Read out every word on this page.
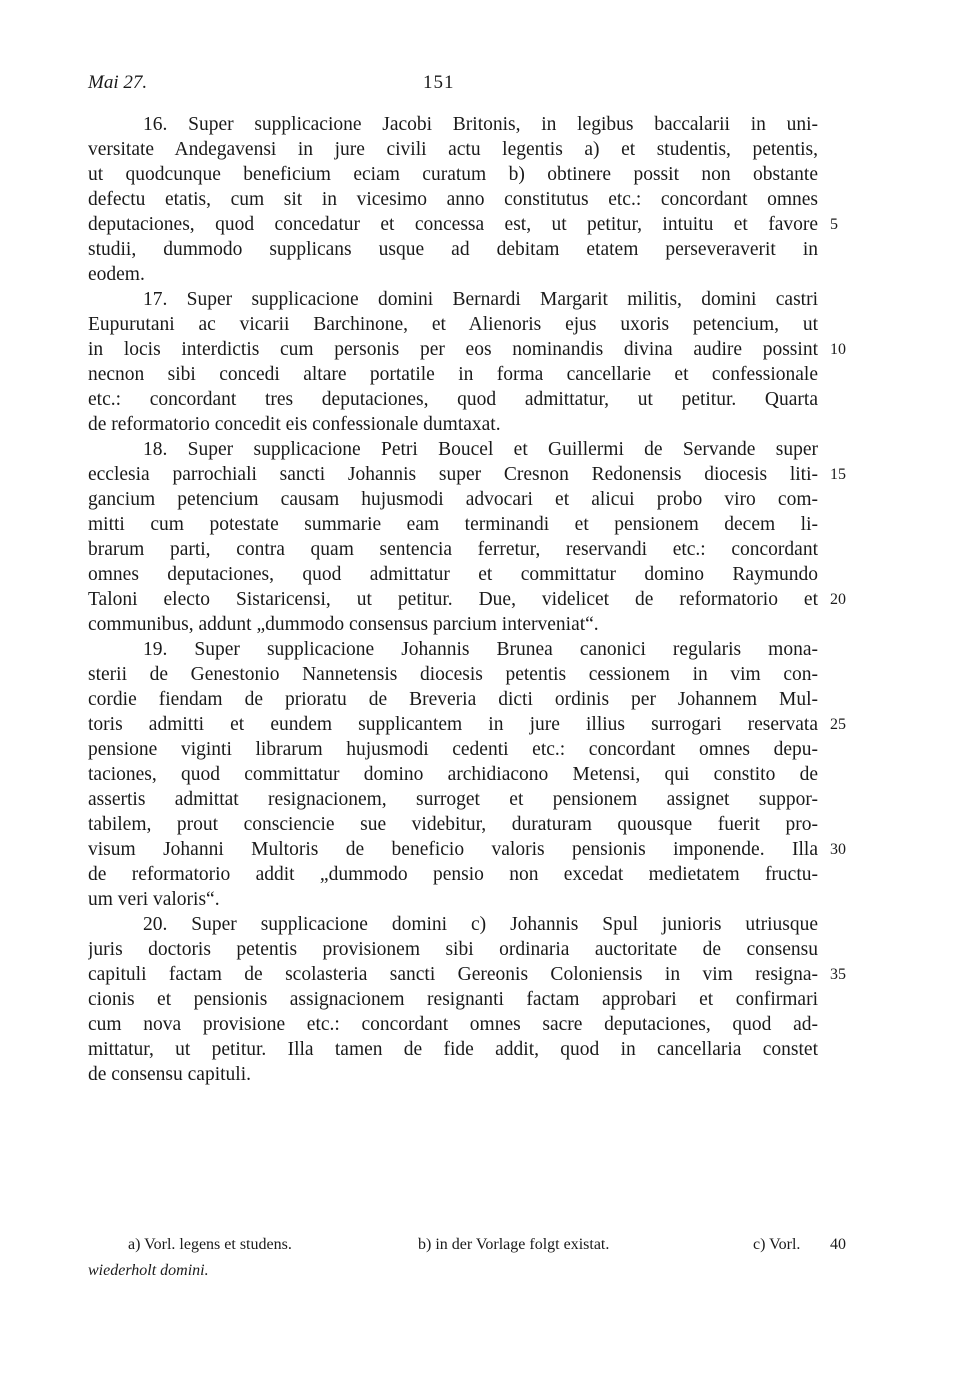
Mai 27.	151
16. Super supplicacione Jacobi Britonis, in legibus baccalarii in uni-
versitate Andegavensi in jure civili actu legentis a) et studentis, petentis,
ut quodcunque beneficium eciam curatum b) obtinere possit non obstante
defectu etatis, cum sit in vicesimo anno constitutus etc.: concordant omnes
deputaciones, quod concedatur et concessa est, ut petitur, intuitu et favore
studii, dummodo supplicans usque ad debitam etatem perseveraverit in
eodem.
17. Super supplicacione domini Bernardi Margarit militis, domini castri
Eupurutani ac vicarii Barchinone, et Alienoris ejus uxoris petencium, ut
in locis interdictis cum personis per eos nominandis divina audire possint
necnon sibi concedi altare portatile in forma cancellarie et confessionale
etc.: concordant tres deputaciones, quod admittatur, ut petitur. Quarta
de reformatorio concedit eis confessionale dumtaxat.
18. Super supplicacione Petri Boucel et Guillermi de Servande super
ecclesia parrochiali sancti Johannis super Cresnon Redonensis diocesis liti-
gancium petencium causam hujusmodi advocari et alicui probo viro com-
mitti cum potestate summarie eam terminandi et pensionem decem li-
brarum parti, contra quam sentencia ferretur, reservandi etc.: concordant
omnes deputaciones, quod admittatur et committatur domino Raymundo
Taloni electo Sistaricensi, ut petitur. Due, videlicet de reformatorio et
communibus, addunt „dummodo consensus parcium interveniat“.
19. Super supplicacione Johannis Brunea canonici regularis mona-
sterii de Genestonio Nannetensis diocesis petentis cessionem in vim con-
cordie fiendam de prioratu de Breveria dicti ordinis per Johannem Mul-
toris admitti et eundem supplicantem in jure illius surrogari reservata
pensione viginti librarum hujusmodi cedenti etc.: concordant omnes depu-
taciones, quod committatur domino archidiacono Metensi, qui constito de
assertis admittat resignacionem, surroget et pensionem assignet suppor-
tabilem, prout consciencie sue videbitur, duraturam quousque fuerit pro-
visum Johanni Multoris de beneficio valoris pensionis imponende. Illa
de reformatorio addit „dummodo pensio non excedat medietatem fructu-
um veri valoris“.
20. Super supplicacione domini c) Johannis Spul junioris utriusque
juris doctoris petentis provisionem sibi ordinaria auctoritate de consensu
capituli factam de scolasteria sancti Gereonis Coloniensis in vim resigna-
cionis et pensionis assignacionem resignanti factam approbari et confirmari
cum nova provisione etc.: concordant omnes sacre deputaciones, quod ad-
mittatur, ut petitur. Illa tamen de fide addit, quod in cancellaria constet
de consensu capituli.
5
10
15
20
25
30
35
a) Vorl. legens et studens.	b) in der Vorlage folgt existat.	c) Vorl. 40
wiederholt domini.
